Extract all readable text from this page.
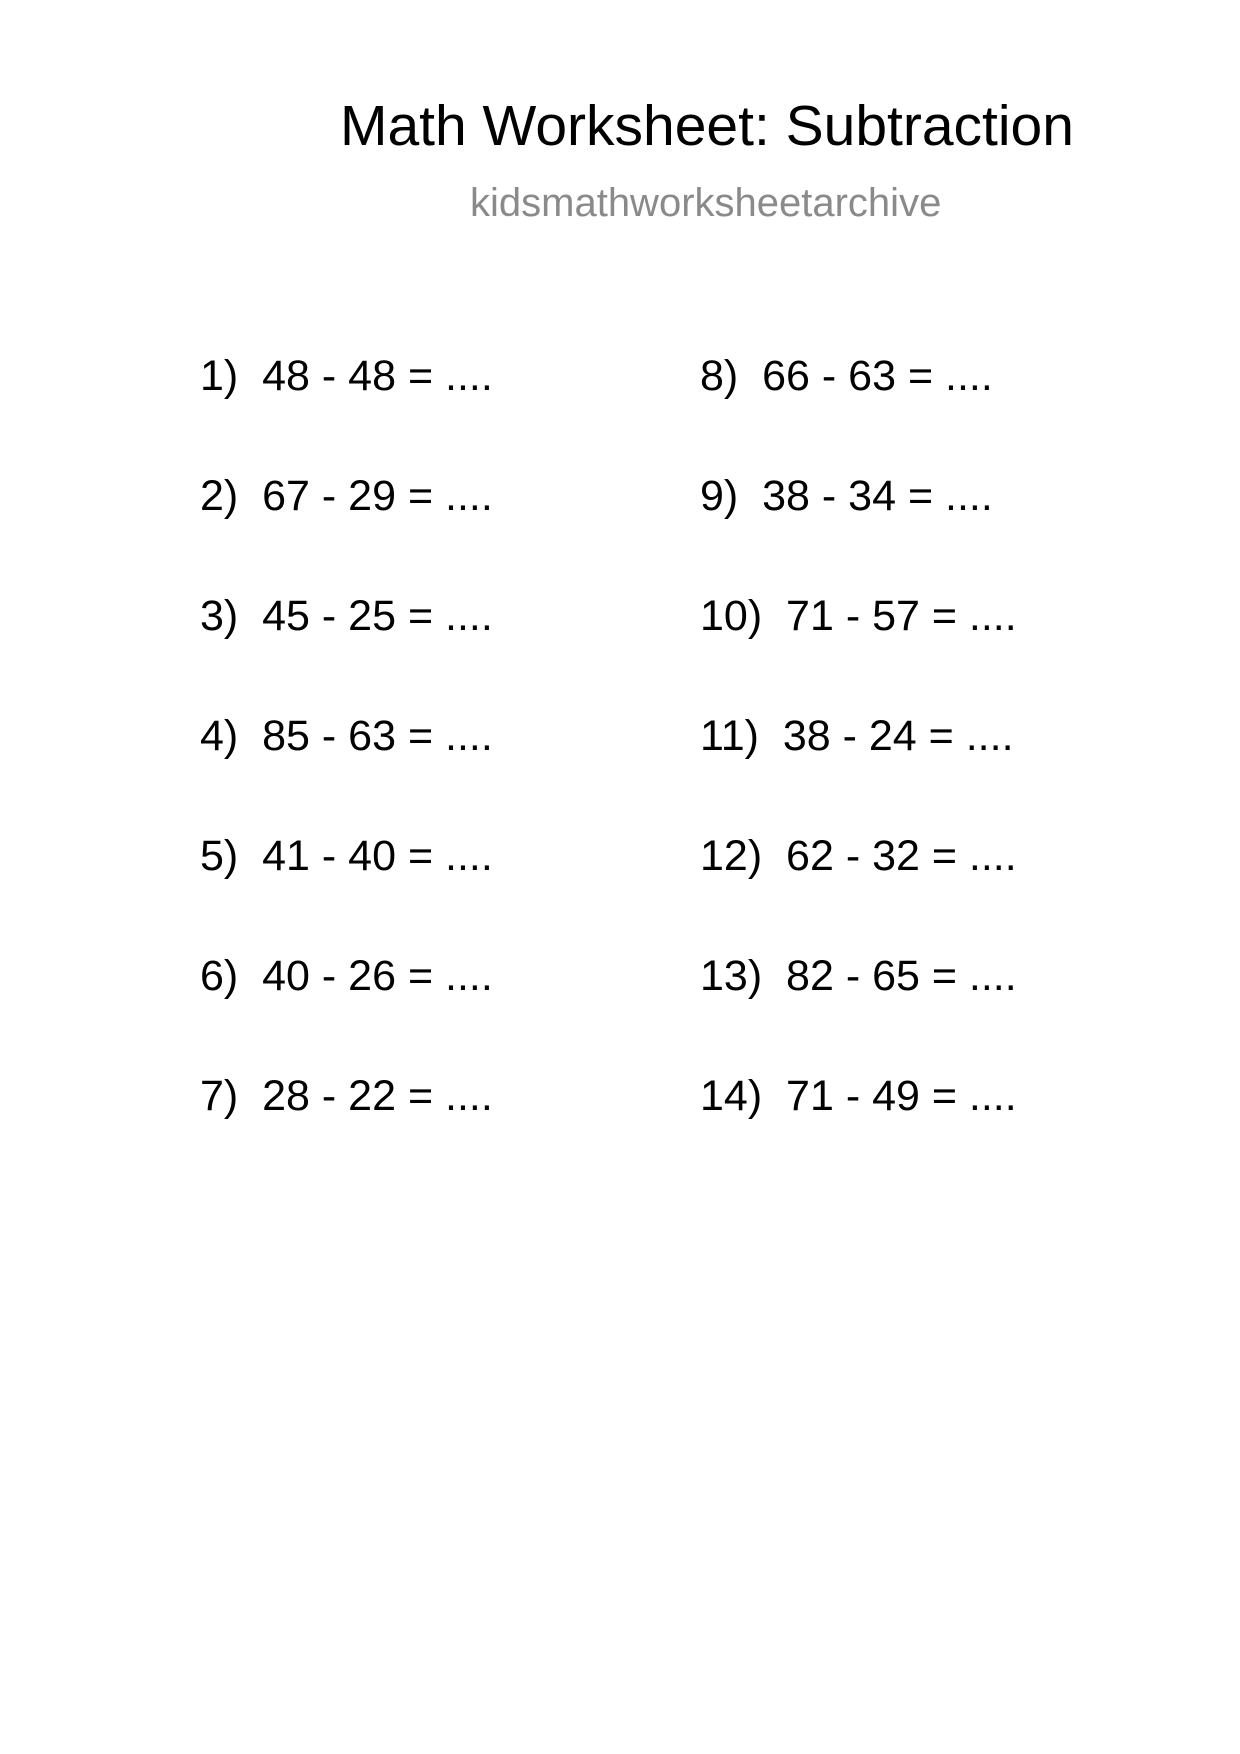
Math Worksheet: Subtraction
kidsmathworksheetarchive
1)  48 - 48 = ....
2)  67 - 29 = ....
3)  45 - 25 = ....
4)  85 - 63 = ....
5)  41 - 40 = ....
6)  40 - 26 = ....
7)  28 - 22 = ....
8)  66 - 63 = ....
9)  38 - 34 = ....
10)  71 - 57 = ....
11)  38 - 24 = ....
12)  62 - 32 = ....
13)  82 - 65 = ....
14)  71 - 49 = ....
